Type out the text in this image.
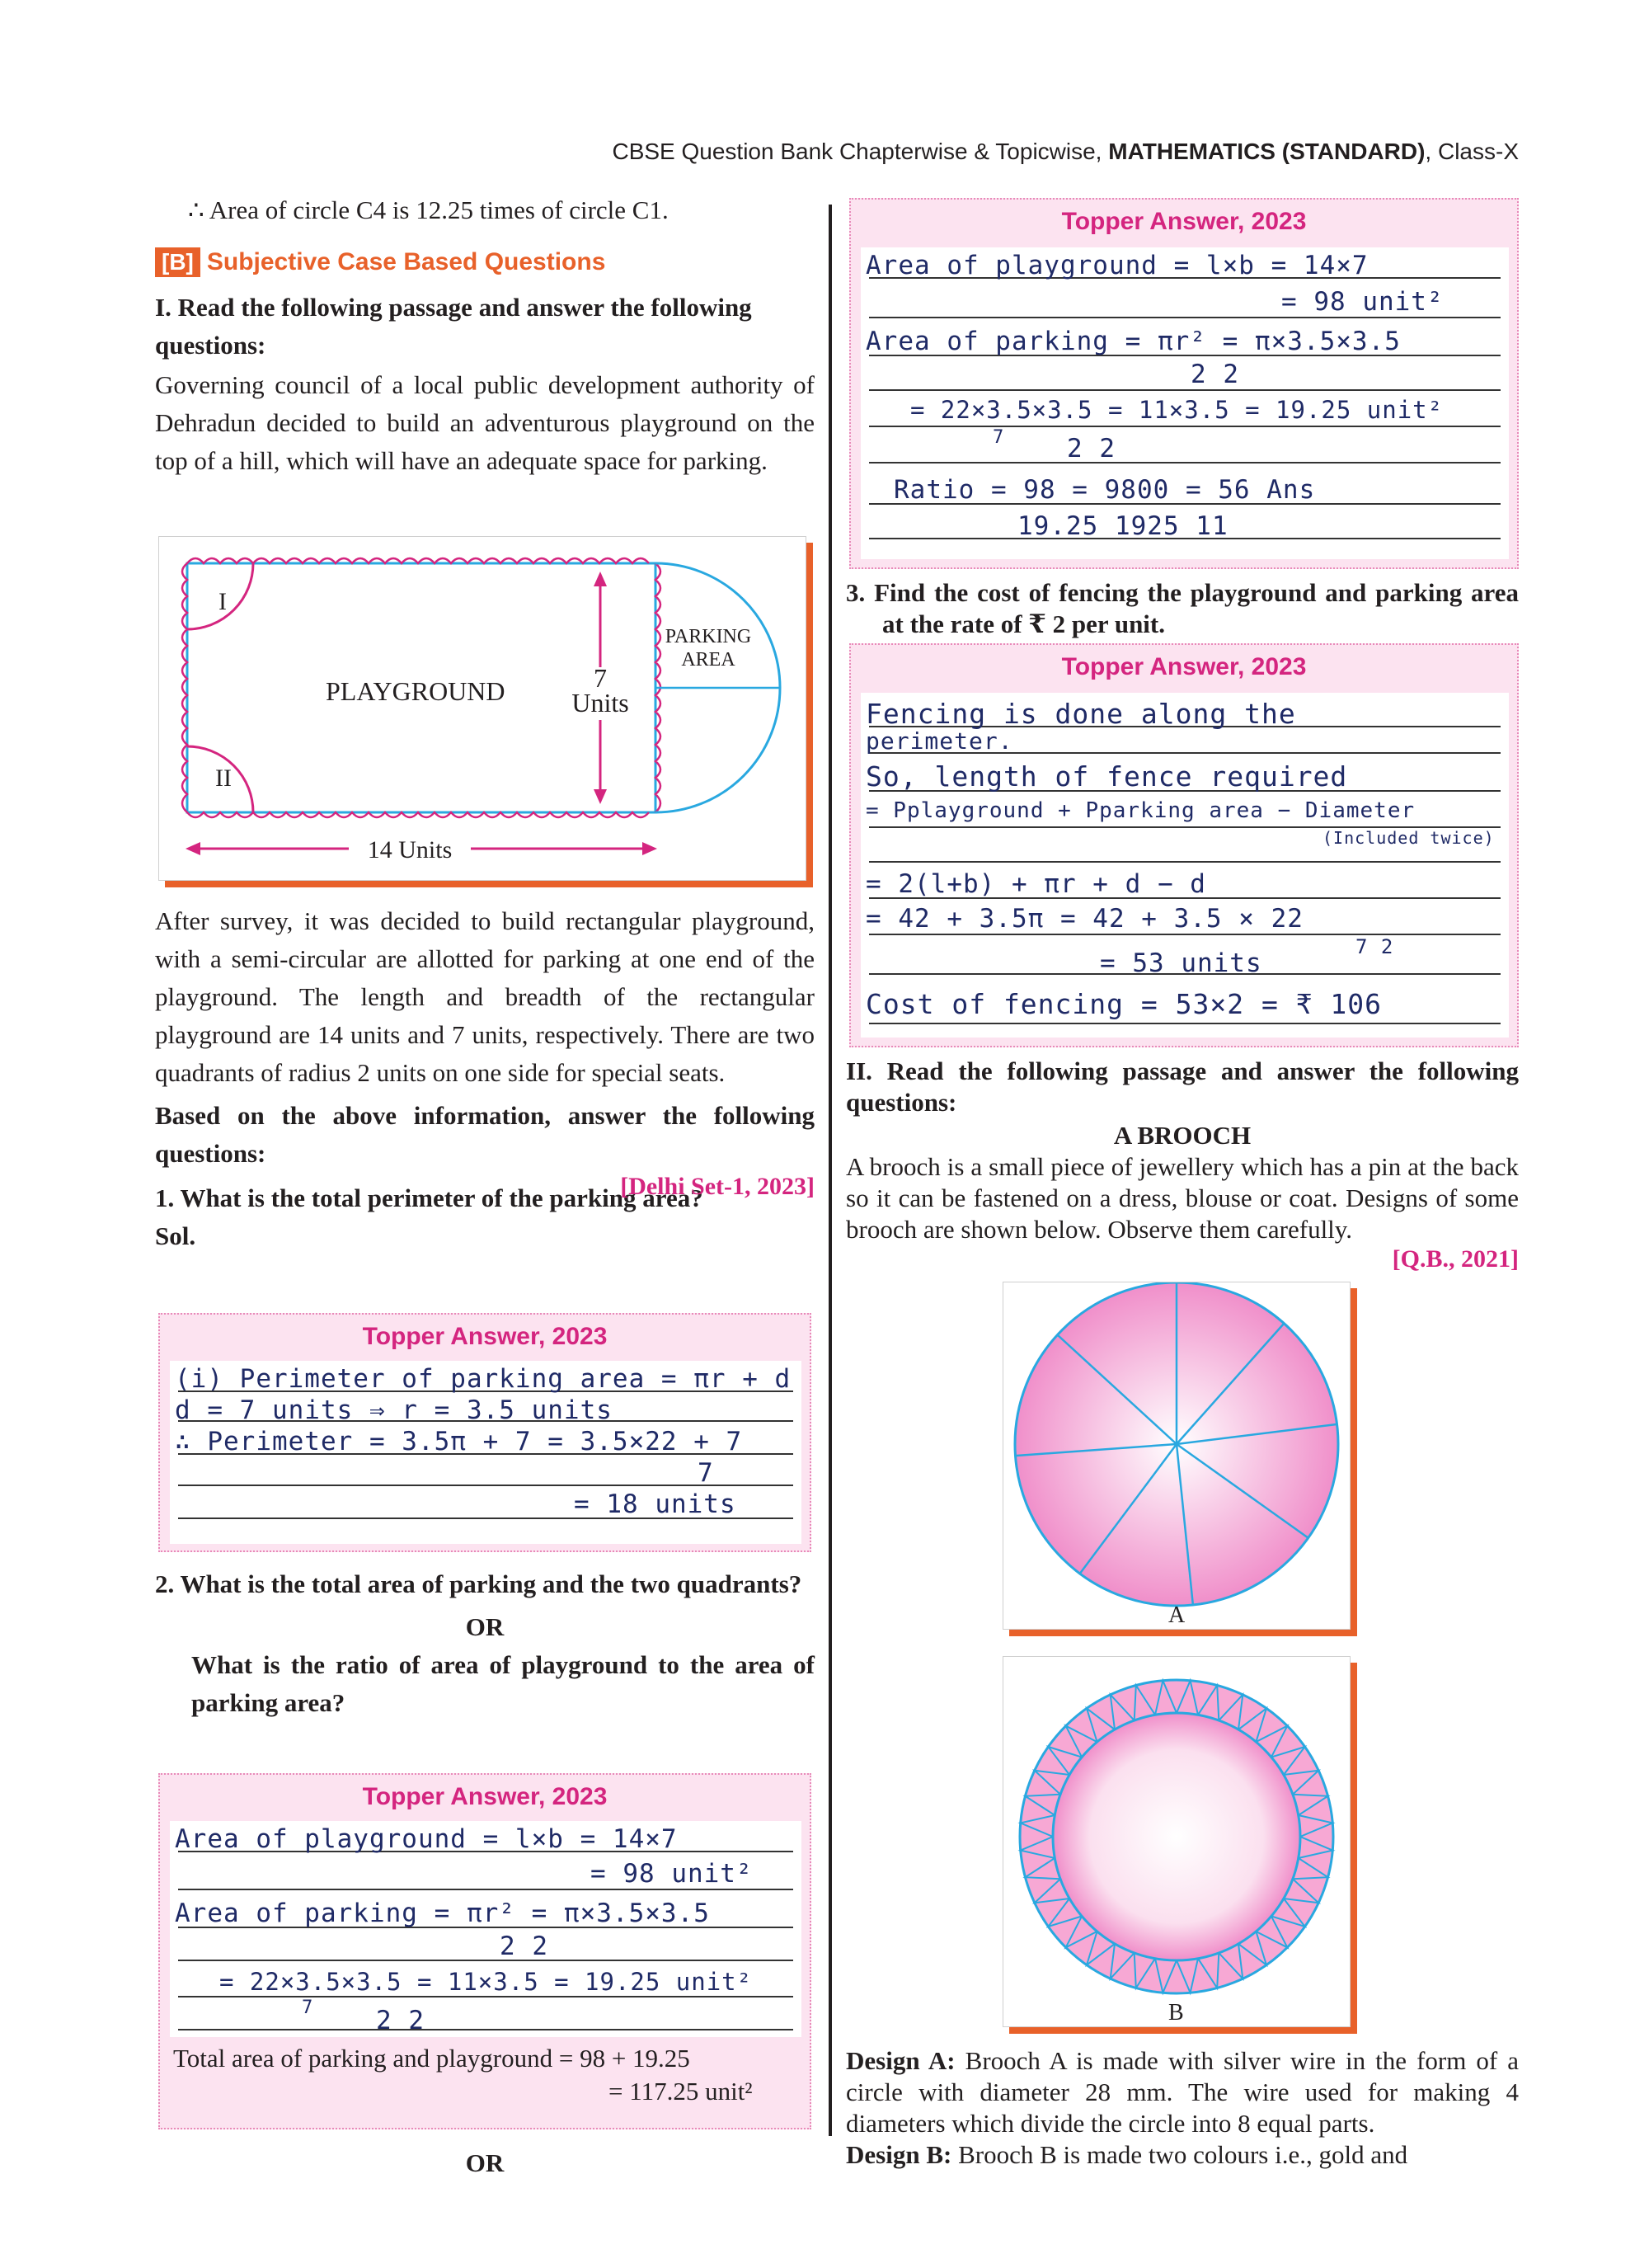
CBSE Question Bank Chapterwise & Topicwise, MATHEMATICS (STANDARD), Class-X

∴ Area of circle C4 is 12.25 times of circle C1.

[B] Subjective Case Based Questions

I. Read the following passage and answer the following questions:

Governing council of a local public development authority of Dehradun decided to build an adventurous playground on the top of a hill, which will have an adequate space for parking.

I
II
PLAYGROUND	7
Units
PARKING
AREA
14 Units

After survey, it was decided to build rectangular playground, with a semi-circular are allotted for parking at one end of the playground. The length and breadth of the rectangular playground are 14 units and 7 units, respectively. There are two quadrants of radius 2 units on one side for special seats.

Based on the above information, answer the following questions:

[Delhi Set-1, 2023]

1. What is the total perimeter of the parking area?

Sol.

Topper Answer, 2023
(i) Perimeter of parking area = πr + d
d = 7 units ⇒ r = 3.5 units
∴ Perimeter = 3.5π + 7 = 3.5×22 + 7
7
= 18 units

2. What is the total area of parking and the two quadrants?

OR

What is the ratio of area of playground to the area of parking area?

Topper Answer, 2023
Area of playground = l×b = 14×7
= 98 unit²
Area of parking = πr² = π×3.5×3.5
2 2
= 22×3.5×3.5 = 11×3.5 = 19.25 unit²
7 2 2
Total area of parking and playground = 98 + 19.25
= 117.25 unit²

OR

Topper Answer, 2023
Area of playground = l×b = 14×7
= 98 unit²
Area of parking = πr² = π×3.5×3.5
2 2
= 22×3.5×3.5 = 11×3.5 = 19.25 unit²
7 2 2
Ratio = 98 = 9800 = 56 Ans
19.25 1925 11

3. Find the cost of fencing the playground and parking area at the rate of ₹ 2 per unit.

Topper Answer, 2023
Fencing is done along the
perimeter.
So, length of fence required
= Pplayground + Pparking area − Diameter
(Included twice)
= 2(l+b) + πr + d − d
= 42 + 3.5π = 42 + 3.5 × 22
7 2
= 53 units
Cost of fencing = 53×2 = ₹ 106

II. Read the following passage and answer the following questions:

A BROOCH

A brooch is a small piece of jewellery which has a pin at the back so it can be fastened on a dress, blouse or coat. Designs of some brooch are shown below. Observe them carefully.

[Q.B., 2021]

A
B

Design A: Brooch A is made with silver wire in the form of a circle with diameter 28 mm. The wire used for making 4 diameters which divide the circle into 8 equal parts.

Design B: Brooch B is made two colours i.e., gold and
